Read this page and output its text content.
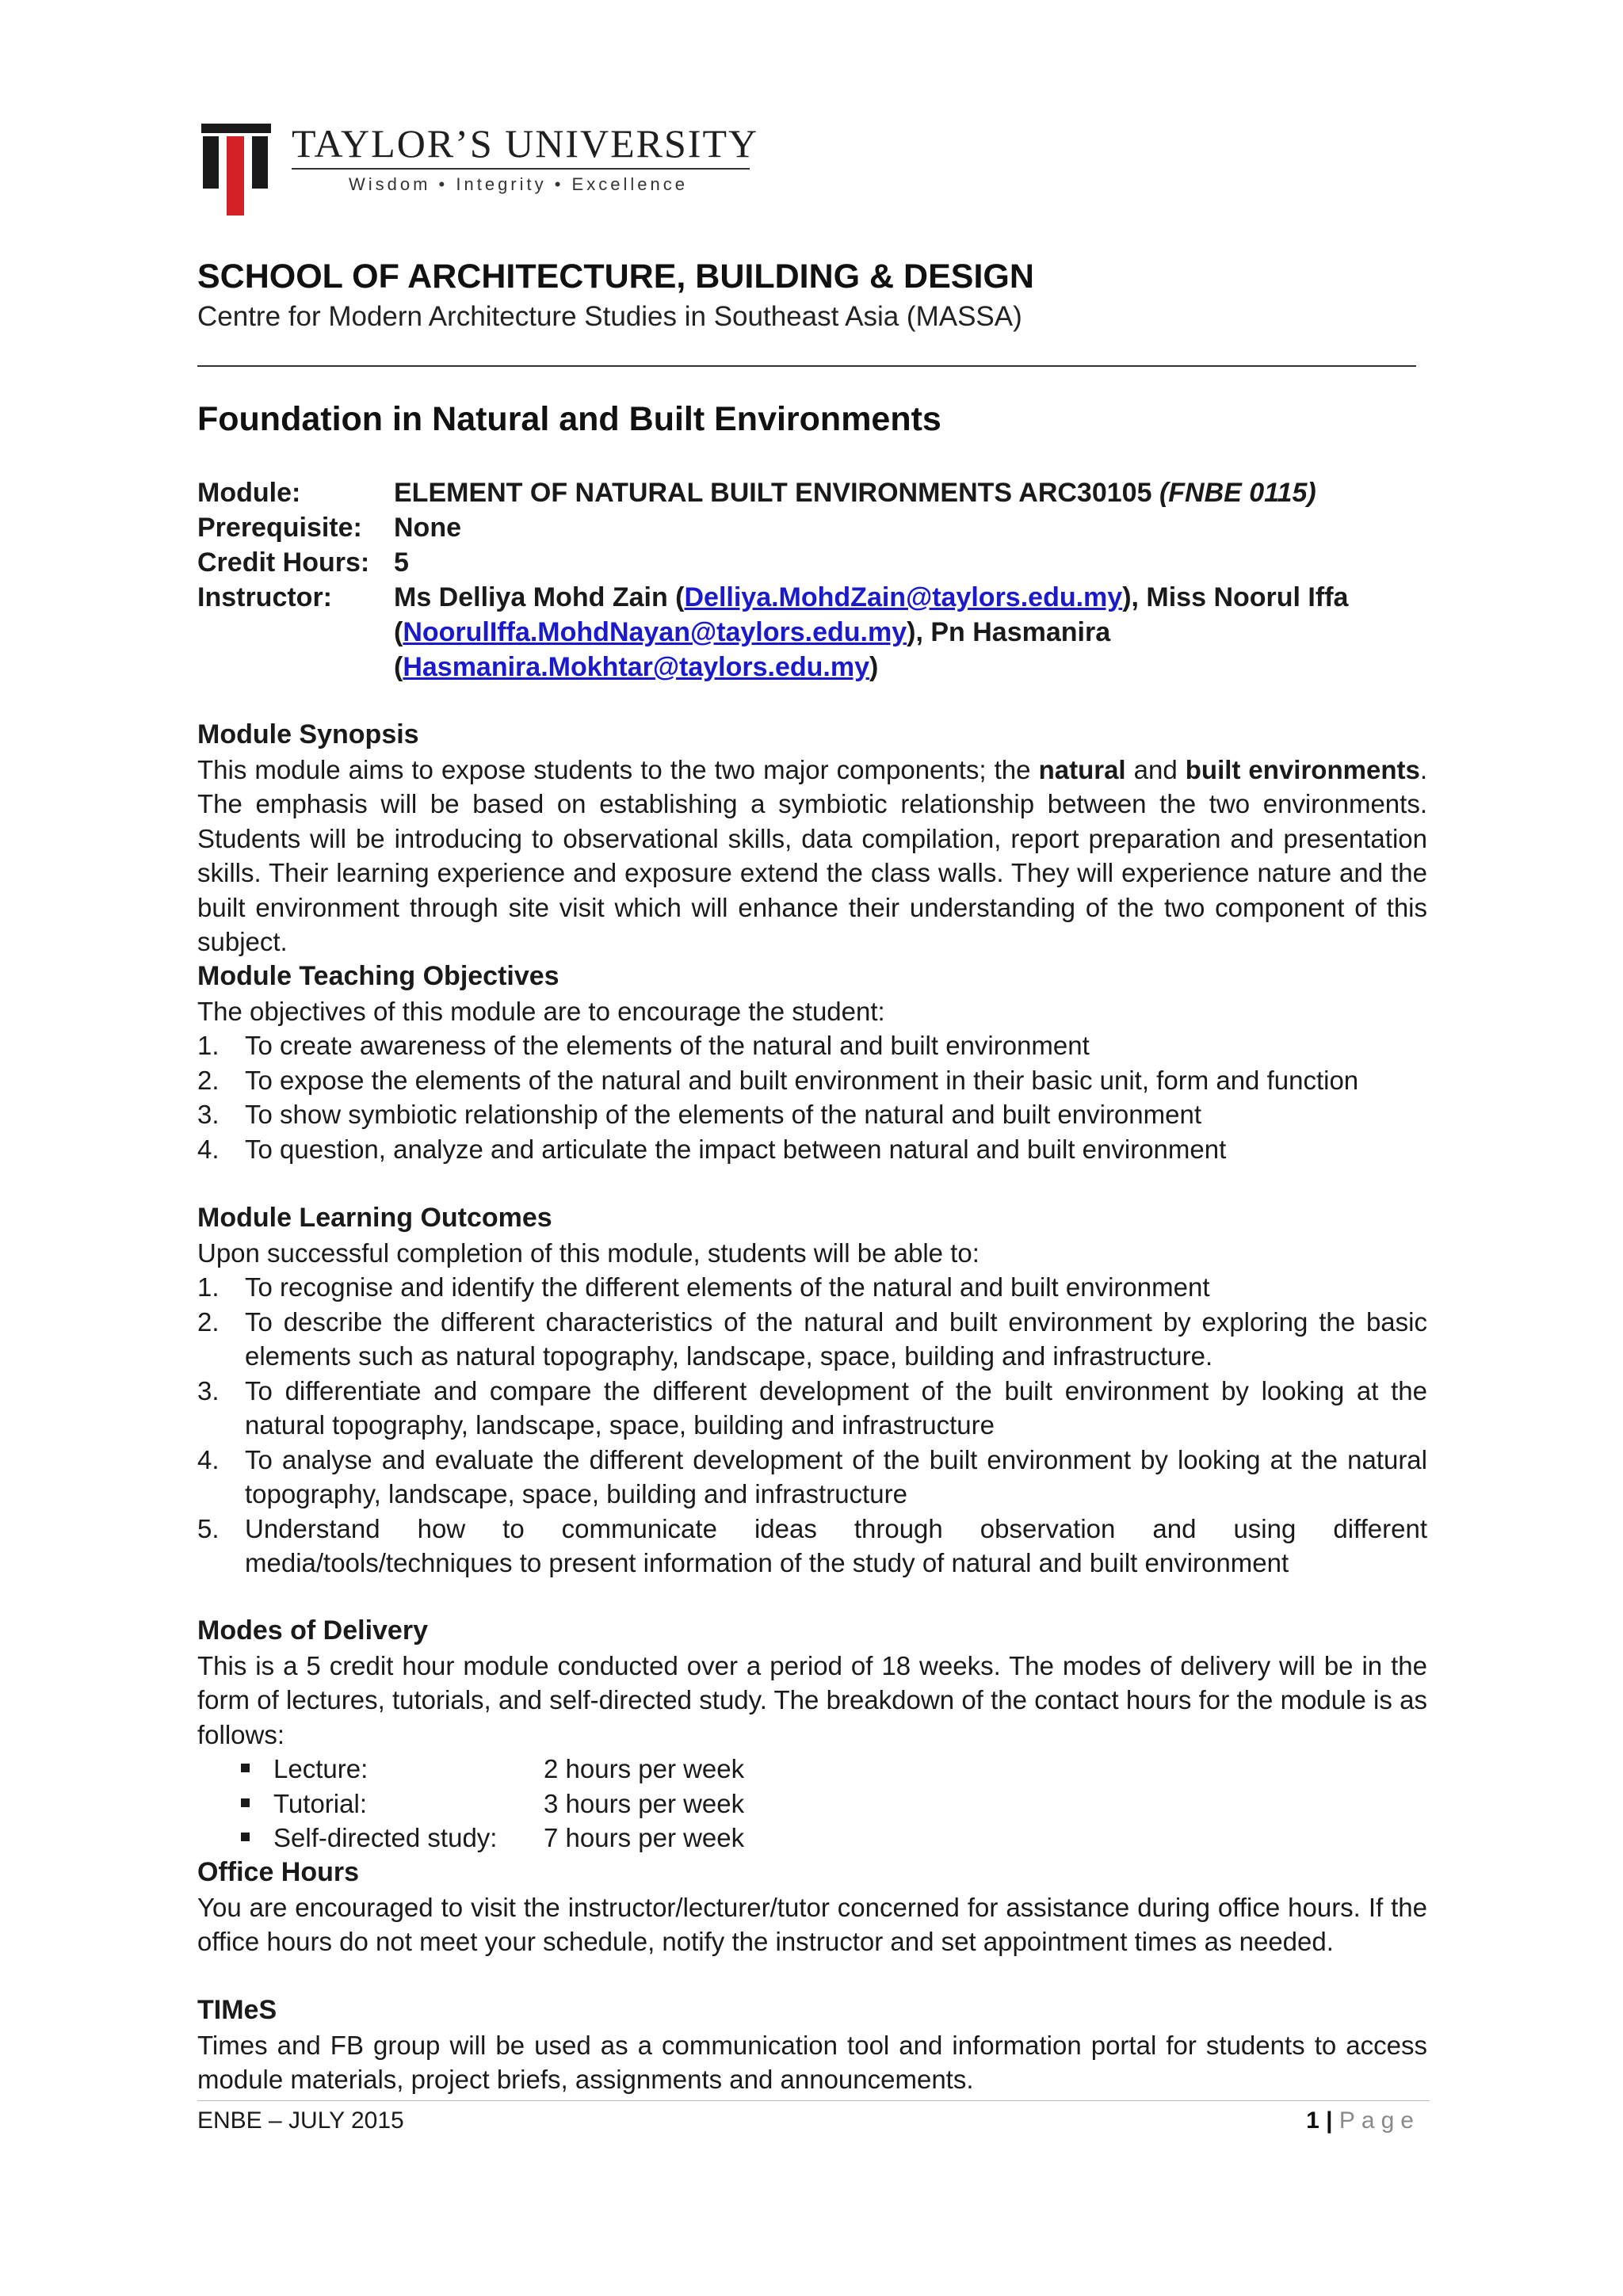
TAYLOR’S UNIVERSITY
Wisdom • Integrity • Excellence
SCHOOL OF ARCHITECTURE, BUILDING & DESIGN
Centre for Modern Architecture Studies in Southeast Asia (MASSA)
Foundation in Natural and Built Environments
Module:	ELEMENT OF NATURAL BUILT ENVIRONMENTS ARC30105 (FNBE 0115)
Prerequisite: None
Credit Hours: 5
Instructor: Ms Delliya Mohd Zain (Delliya.MohdZain@taylors.edu.my), Miss Noorul Iffa
(NoorulIffa.MohdNayan@taylors.edu.my), Pn Hasmanira
(Hasmanira.Mokhtar@taylors.edu.my)
Module Synopsis
This module aims to expose students to the two major components; the natural and built environments. The emphasis will be based on establishing a symbiotic relationship between the two environments. Students will be introducing to observational skills, data compilation, report preparation and presentation skills. Their learning experience and exposure extend the class walls. They will experience nature and the built environment through site visit which will enhance their understanding of the two component of this subject.
Module Teaching Objectives
The objectives of this module are to encourage the student:
1. To create awareness of the elements of the natural and built environment
2. To expose the elements of the natural and built environment in their basic unit, form and function
3. To show symbiotic relationship of the elements of the natural and built environment
4. To question, analyze and articulate the impact between natural and built environment
Module Learning Outcomes
Upon successful completion of this module, students will be able to:
1. To recognise and identify the different elements of the natural and built environment
2. To describe the different characteristics of the natural and built environment by exploring the basic elements such as natural topography, landscape, space, building and infrastructure.
3. To differentiate and compare the different development of the built environment by looking at the natural topography, landscape, space, building and infrastructure
4. To analyse and evaluate the different development of the built environment by looking at the natural topography, landscape, space, building and infrastructure
5. Understand how to communicate ideas through observation and using different media/tools/techniques to present information of the study of natural and built environment
Modes of Delivery
This is a 5 credit hour module conducted over a period of 18 weeks. The modes of delivery will be in the form of lectures, tutorials, and self-directed study. The breakdown of the contact hours for the module is as follows:
Lecture:	2 hours per week
Tutorial:	3 hours per week
Self-directed study: 7 hours per week
Office Hours
You are encouraged to visit the instructor/lecturer/tutor concerned for assistance during office hours. If the office hours do not meet your schedule, notify the instructor and set appointment times as needed.
TIMeS
Times and FB group will be used as a communication tool and information portal for students to access module materials, project briefs, assignments and announcements.
ENBE – JULY 2015	1 | Page
